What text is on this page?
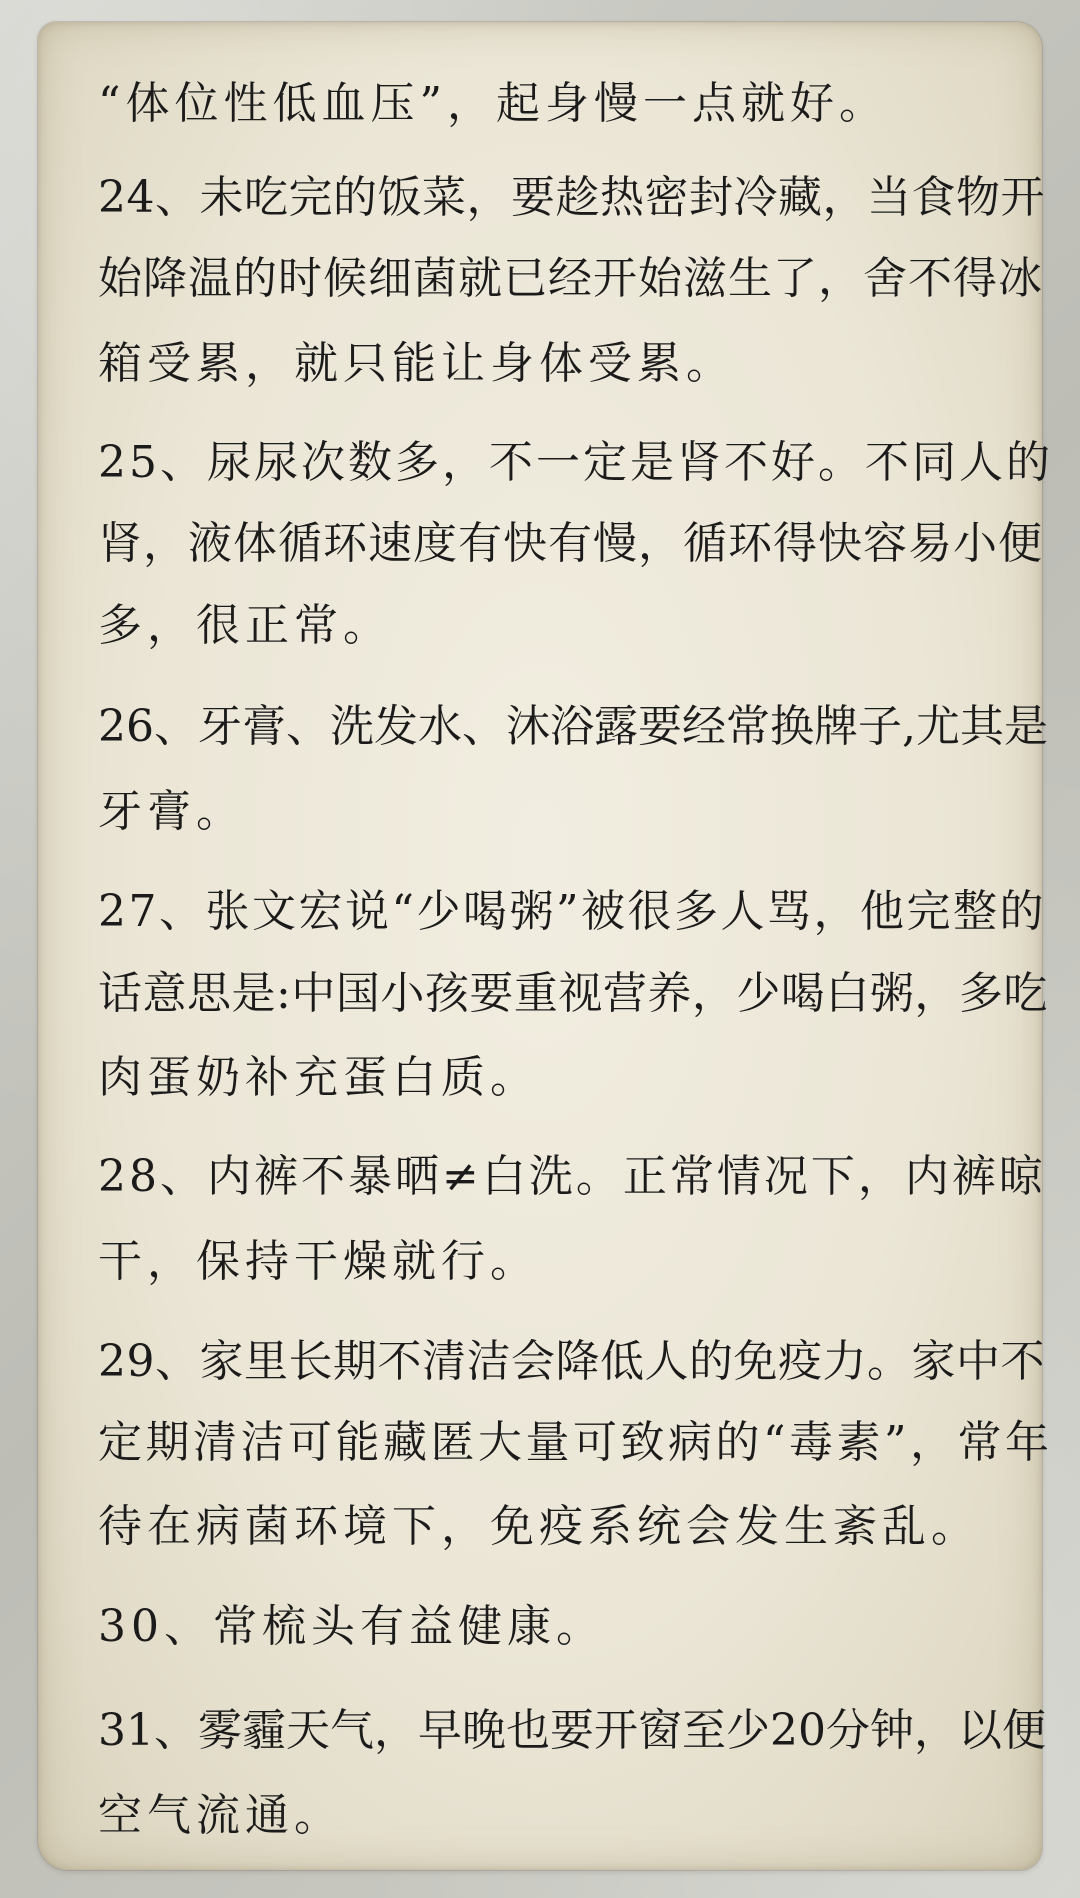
“体位性低血压”，起身慢一点就好。
24、未吃完的饭菜，要趁热密封冷藏，当食物开
始降温的时候细菌就已经开始滋生了，舍不得冰
箱受累，就只能让身体受累。
25、尿尿次数多，不一定是肾不好。不同人的
肾，液体循环速度有快有慢，循环得快容易小便
多，很正常。
26、牙膏、洗发水、沐浴露要经常换牌子,尤其是
牙膏。
27、张文宏说“少喝粥”被很多人骂，他完整的
话意思是:中国小孩要重视营养，少喝白粥，多吃
肉蛋奶补充蛋白质。
28、内裤不暴晒≠白洗。正常情况下，内裤晾
干，保持干燥就行。
29、家里长期不清洁会降低人的免疫力。家中不
定期清洁可能藏匿大量可致病的“毒素”，常年
待在病菌环境下，免疫系统会发生紊乱。
30、常梳头有益健康。
31、雾霾天气，早晚也要开窗至少20分钟，以便
空气流通。
